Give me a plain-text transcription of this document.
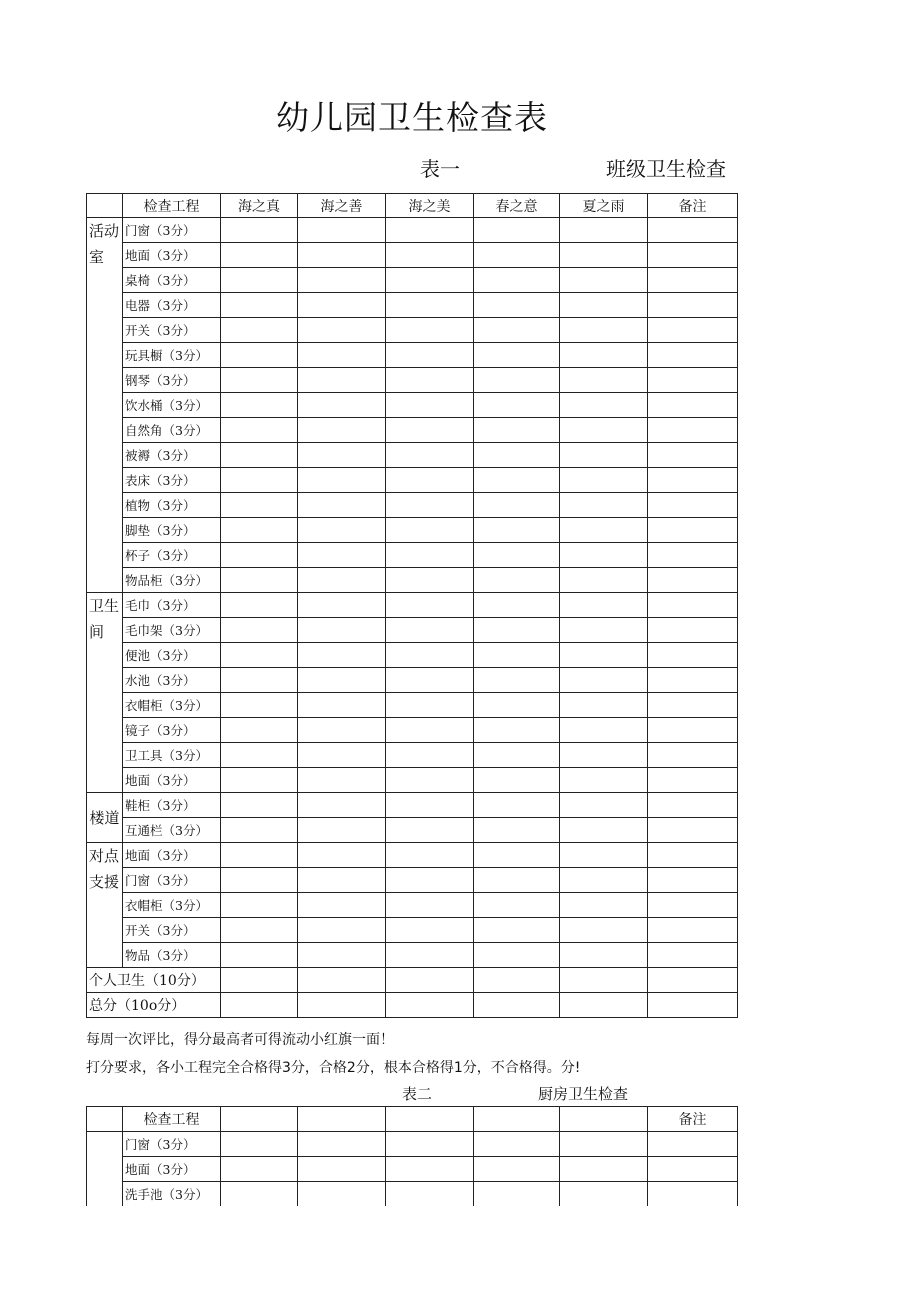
幼儿园卫生检查表
表一	班级卫生检查
	检查工程	海之真	海之善	海之美	春之意	夏之雨	备注
活动室	门窗（3分）						
	地面（3分）						
	桌椅（3分）						
	电器（3分）						
	开关（3分）						
	玩具橱（3分）						
	钢琴（3分）						
	饮水桶（3分）						
	自然角（3分）						
	被褥（3分）						
	表床（3分）						
	植物（3分）						
	脚垫（3分）						
	杯子（3分）						
	物品柜（3分）						
卫生间	毛巾（3分）						
	毛巾架（3分）						
	便池（3分）						
	水池（3分）						
	衣帽柜（3分）						
	镜子（3分）						
	卫工具（3分）						
	地面（3分）						
楼道	鞋柜（3分）						
	互通栏（3分）						
对点支援	地面（3分）						
	门窗（3分）						
	衣帽柜（3分）						
	开关（3分）						
	物品（3分）						
个人卫生（10分）							
总分（10o分）							
每周一次评比，得分最高者可得流动小红旗一面！
打分要求，各小工程完全合格得3分，合格2分，根本合格得1分，不合格得。分!
表二	厨房卫生检查
	检查工程						备注
	门窗（3分）						
	地面（3分）						
	洗手池（3分）						
